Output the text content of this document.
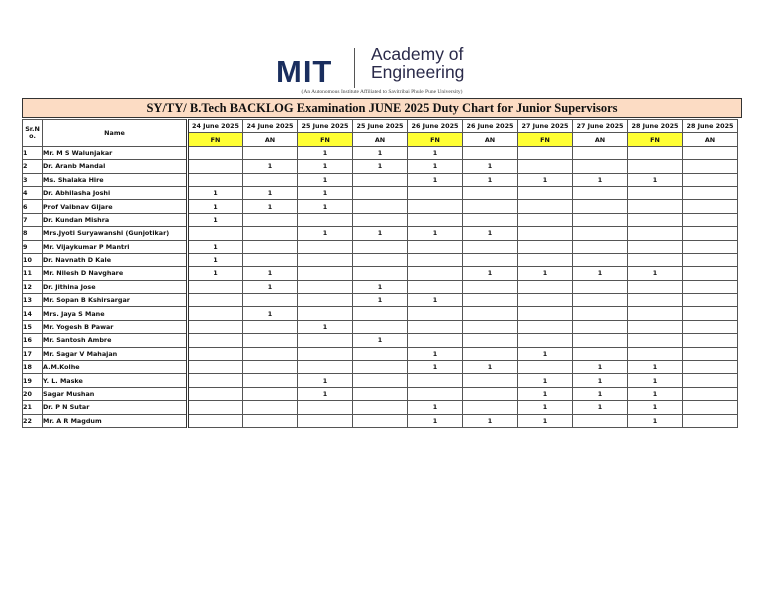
MIT Academy of
Engineering
(An Autonomous Institute Affiliated to Savitribai Phule Pune University)
SY/TY/ B.Tech BACKLOG Examination JUNE 2025 Duty Chart for Junior Supervisors
Sr.N o.	Name	24 June 2025	24 June 2025	25 June 2025	25 June 2025	26 June 2025	26 June 2025	27 June 2025	27 June 2025	28 June 2025	28 June 2025
		FN	AN	FN	AN	FN	AN	FN	AN	FN	AN
1	Mr. M S Walunjakar			1	1	1					
2	Dr. Aranb Mandal		1	1	1	1	1				
3	Ms. Shalaka Hire			1		1	1	1	1	1	
4	Dr. Abhilasha Joshi	1	1	1							
6	Prof Vaibnav Gijare	1	1	1							
7	Dr. Kundan Mishra	1									
8	Mrs.Jyoti Suryawanshi (Gunjotikar)			1	1	1	1				
9	Mr. Vijaykumar P Mantri	1									
10	Dr. Navnath D Kale	1									
11	Mr. Nilesh D Navghare	1	1				1	1	1	1	
12	Dr. Jithina Jose		1		1						
13	Mr. Sopan B Kshirsargar				1	1					
14	Mrs. Jaya S Mane		1								
15	Mr. Yogesh B Pawar			1							
16	Mr. Santosh Ambre				1						
17	Mr. Sagar V Mahajan					1		1			
18	A.M.Kolhe					1	1		1	1	
19	Y. L. Maske			1				1	1	1	
20	Sagar Mushan			1				1	1	1	
21	Dr. P N Sutar					1		1	1	1	
22	Mr. A R Magdum					1	1	1		1	
